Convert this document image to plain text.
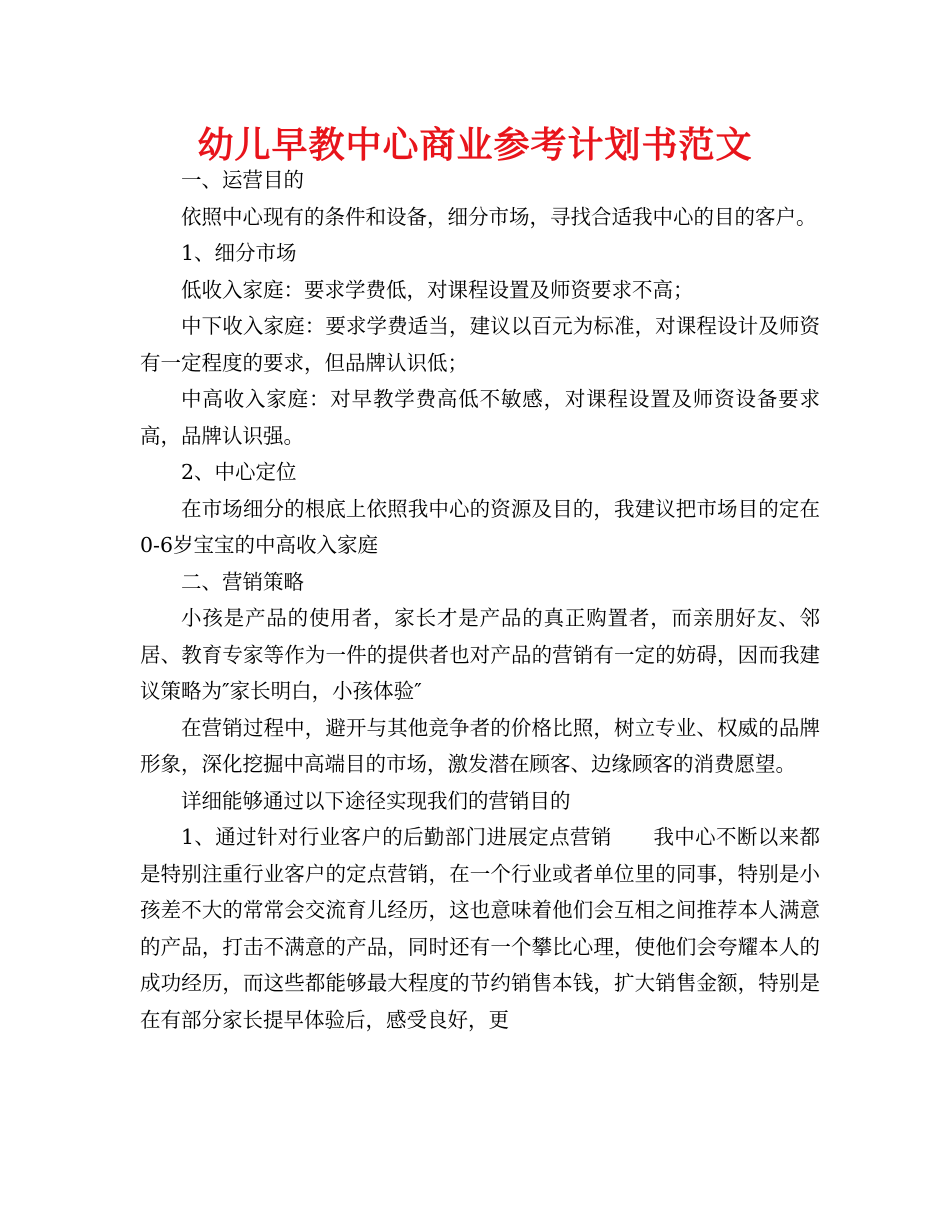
幼儿早教中心商业参考计划书范文

一、运营目的

依照中心现有的条件和设备，细分市场，寻找合适我中心的目的客户。

1、细分市场

低收入家庭：要求学费低，对课程设置及师资要求不高；

中下收入家庭：要求学费适当，建议以百元为标准，对课程设计及师资有一定程度的要求，但品牌认识低；

中高收入家庭：对早教学费高低不敏感，对课程设置及师资设备要求高，品牌认识强。

2、中心定位

在市场细分的根底上依照我中心的资源及目的，我建议把市场目的定在0-6岁宝宝的中高收入家庭

二、营销策略

小孩是产品的使用者，家长才是产品的真正购置者，而亲朋好友、邻居、教育专家等作为一件的提供者也对产品的营销有一定的妨碍，因而我建议策略为″家长明白，小孩体验″

在营销过程中，避开与其他竞争者的价格比照，树立专业、权威的品牌形象，深化挖掘中高端目的市场，激发潜在顾客、边缘顾客的消费愿望。

详细能够通过以下途径实现我们的营销目的

1、通过针对行业客户的后勤部门进展定点营销　　我中心不断以来都是特别注重行业客户的定点营销，在一个行业或者单位里的同事，特别是小孩差不大的常常会交流育儿经历，这也意味着他们会互相之间推荐本人满意的产品，打击不满意的产品，同时还有一个攀比心理，使他们会夸耀本人的成功经历，而这些都能够最大程度的节约销售本钱，扩大销售金额，特别是在有部分家长提早体验后，感受良好，更
